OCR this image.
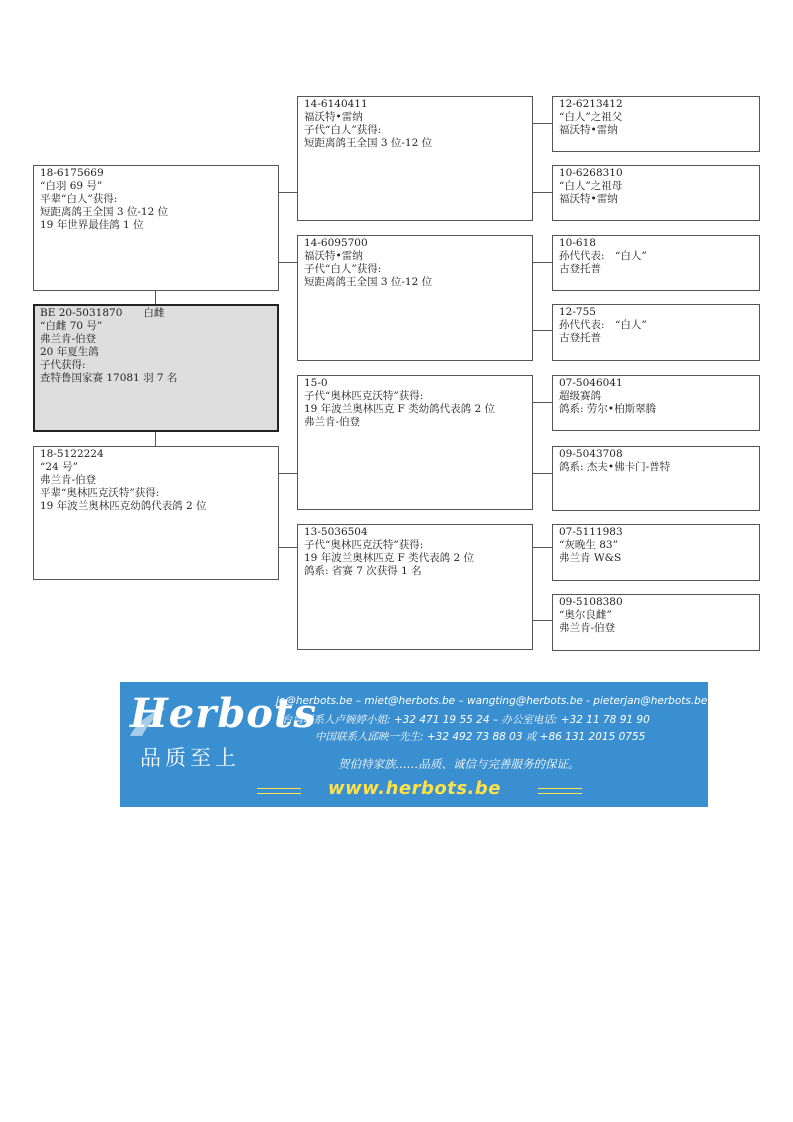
18-6175669
“白羽 69 号”
平辈“白人”获得:
短距离鸽王全国 3 位-12 位
19 年世界最佳鸽 1 位
BE 20-5031870　　白雌
“白雌 70 号”
弗兰肯-伯登
20 年夏生鸽
子代获得:
查特鲁国家赛 17081 羽 7 名
18-5122224
“24 号”
弗兰肯-伯登
平辈“奥林匹克沃特”获得:
19 年波兰奥林匹克幼鸽代表鸽 2 位
14-6140411
福沃特•雷纳
子代“白人”获得:
短距离鸽王全国 3 位-12 位
14-6095700
福沃特•雷纳
子代“白人”获得:
短距离鸽王全国 3 位-12 位
15-0
子代“奥林匹克沃特”获得:
19 年波兰奥林匹克 F 类幼鸽代表鸽 2 位
弗兰肯-伯登
13-5036504
子代“奥林匹克沃特”获得:
19 年波兰奥林匹克 F 类代表鸽 2 位
鸽系: 省赛 7 次获得 1 名
12-6213412
“白人”之祖父
福沃特•雷纳
10-6268310
“白人”之祖母
福沃特•雷纳
10-618
孙代代表:　“白人”
古登托普
12-755
孙代代表:　“白人”
古登托普
07-5046041
超级赛鸽
鸽系: 劳尔•柏斯翠腾
09-5043708
鸽系: 杰夫•佛卡门-普特
07-5111983
“灰晚生 83”
弗兰肯 W&S
09-5108380
“奥尔良雌”
弗兰肯-伯登
Herbots
品质至上
jo@herbots.be – miet@herbots.be – wangting@herbots.be - pieterjan@herbots.be
台湾联系人卢婉婷小姐: +32 471 19 55 24 – 办公室电话: +32 11 78 91 90
中国联系人邱映一先生: +32 492 73 88 03 或 +86 131 2015 0755
贺伯特家族……品质、诚信与完善服务的保证。
www.herbots.be
